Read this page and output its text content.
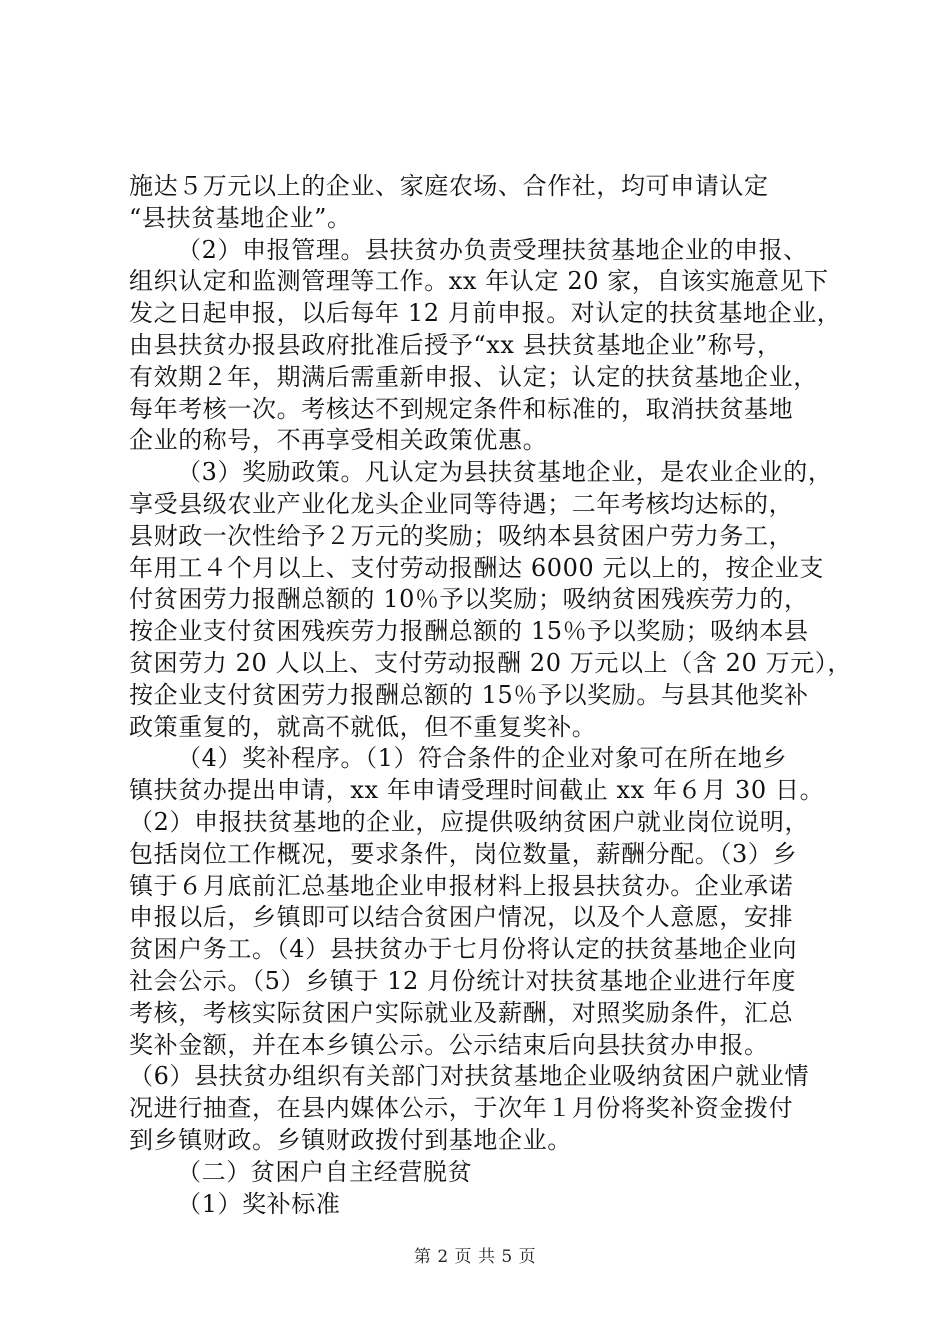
施达５万元以上的企业、家庭农场、合作社，均可申请认定
“县扶贫基地企业”。
（2）申报管理。县扶贫办负责受理扶贫基地企业的申报、
组织认定和监测管理等工作。xx 年认定 20 家，自该实施意见下
发之日起申报，以后每年 12 月前申报。对认定的扶贫基地企业，
由县扶贫办报县政府批准后授予“xx 县扶贫基地企业”称号，
有效期２年，期满后需重新申报、认定；认定的扶贫基地企业，
每年考核一次。考核达不到规定条件和标准的，取消扶贫基地
企业的称号，不再享受相关政策优惠。
（3）奖励政策。凡认定为县扶贫基地企业，是农业企业的，
享受县级农业产业化龙头企业同等待遇；二年考核均达标的，
县财政一次性给予２万元的奖励；吸纳本县贫困户劳力务工，
年用工４个月以上、支付劳动报酬达 6000 元以上的，按企业支
付贫困劳力报酬总额的 10％予以奖励；吸纳贫困残疾劳力的，
按企业支付贫困残疾劳力报酬总额的 15％予以奖励；吸纳本县
贫困劳力 20 人以上、支付劳动报酬 20 万元以上（含 20 万元），
按企业支付贫困劳力报酬总额的 15％予以奖励。与县其他奖补
政策重复的，就高不就低，但不重复奖补。
（4）奖补程序。（1）符合条件的企业对象可在所在地乡
镇扶贫办提出申请，xx 年申请受理时间截止 xx 年６月 30 日。
（2）申报扶贫基地的企业，应提供吸纳贫困户就业岗位说明，
包括岗位工作概况，要求条件，岗位数量，薪酬分配。（3）乡
镇于６月底前汇总基地企业申报材料上报县扶贫办。企业承诺
申报以后，乡镇即可以结合贫困户情况，以及个人意愿，安排
贫困户务工。（4）县扶贫办于七月份将认定的扶贫基地企业向
社会公示。（5）乡镇于 12 月份统计对扶贫基地企业进行年度
考核，考核实际贫困户实际就业及薪酬，对照奖励条件，汇总
奖补金额，并在本乡镇公示。公示结束后向县扶贫办申报。
（6）县扶贫办组织有关部门对扶贫基地企业吸纳贫困户就业情
况进行抽查，在县内媒体公示，于次年１月份将奖补资金拨付
到乡镇财政。乡镇财政拨付到基地企业。
（二）贫困户自主经营脱贫
（1）奖补标准
第 2 页 共 5 页
